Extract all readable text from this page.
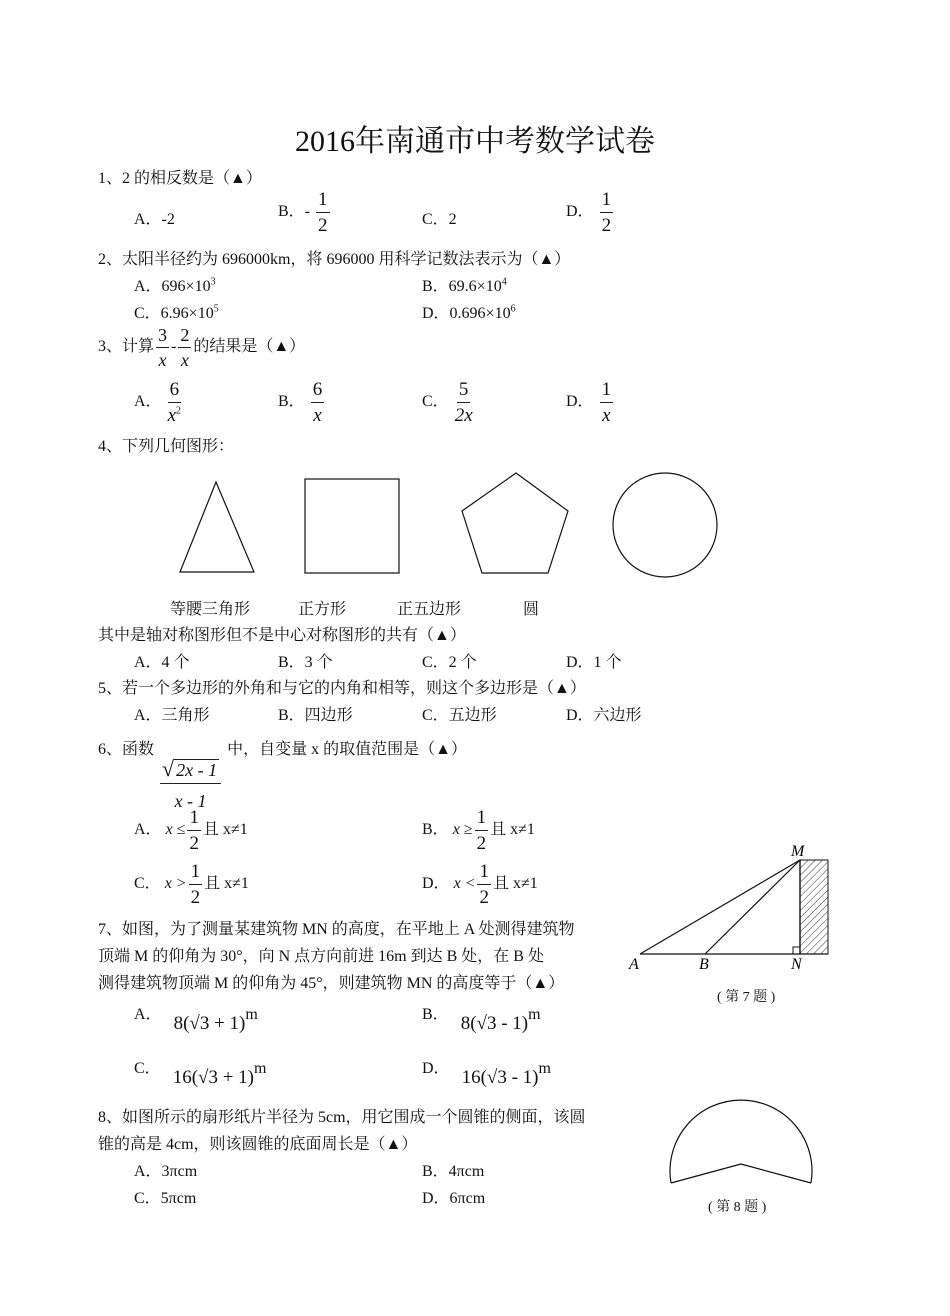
2016年南通市中考数学试卷
1、2 的相反数是（▲）
A．-2	B．- $\frac{1}{2}$	C．2	D． $\frac{1}{2}$
2、太阳半径约为 696000km，将 696000 用科学记数法表示为（▲）
A．$696\times 10^3$	B．$69.6\times 10^4$
C．$6.96\times 10^5$	D．$0.696\times 10^6$
3、计算 $\frac{3}{x} - \frac{2}{x}$ 的结果是（▲）
A． $\frac{6}{x^2}$	B． $\frac{6}{x}$	C． $\frac{5}{2x}$	D． $\frac{1}{x}$
4、下列几何图形：
等腰三角形	正方形	正五边形	圆
其中是轴对称图形但不是中心对称图形的共有（▲）
A．4 个	B．3 个	C．2 个	D．1 个
5、若一个多边形的外角和与它的内角和相等，则这个多边形是（▲）
A．三角形	B．四边形	C．五边形	D．六边形
6、函数
$\frac{√ 2x - 1}{x - 1}$
中，自变量 x 的取值范围是（▲）
A． $x \le \frac{1}{2}$ 且 x≠1	B． $x \ge \frac{1}{2}$ 且 x≠1
C． $x > \frac{1}{2}$ 且 x≠1	D． $x < \frac{1}{2}$ 且 x≠1
7、如图，为了测量某建筑物 MN 的高度，在平地上 A 处测得建筑物
顶端 M 的仰角为 30°，向 N 点方向前进 16m 到达 B 处，在 B 处
测得建筑物顶端 M 的仰角为 45°，则建筑物 MN 的高度等于（▲）
M
A	B	N
( 第 7 题 )
A． 8(√3 + 1)m	B． 8(√3 - 1)m
C． 16(√3 + 1)m	D． 16(√3 - 1)m
8、如图所示的扇形纸片半径为 5cm，用它围成一个圆锥的侧面，该圆
锥的高是 4cm，则该圆锥的底面周长是（▲）
A．3πcm	B．4πcm
C．5πcm	D．6πcm
( 第 8 题 )
